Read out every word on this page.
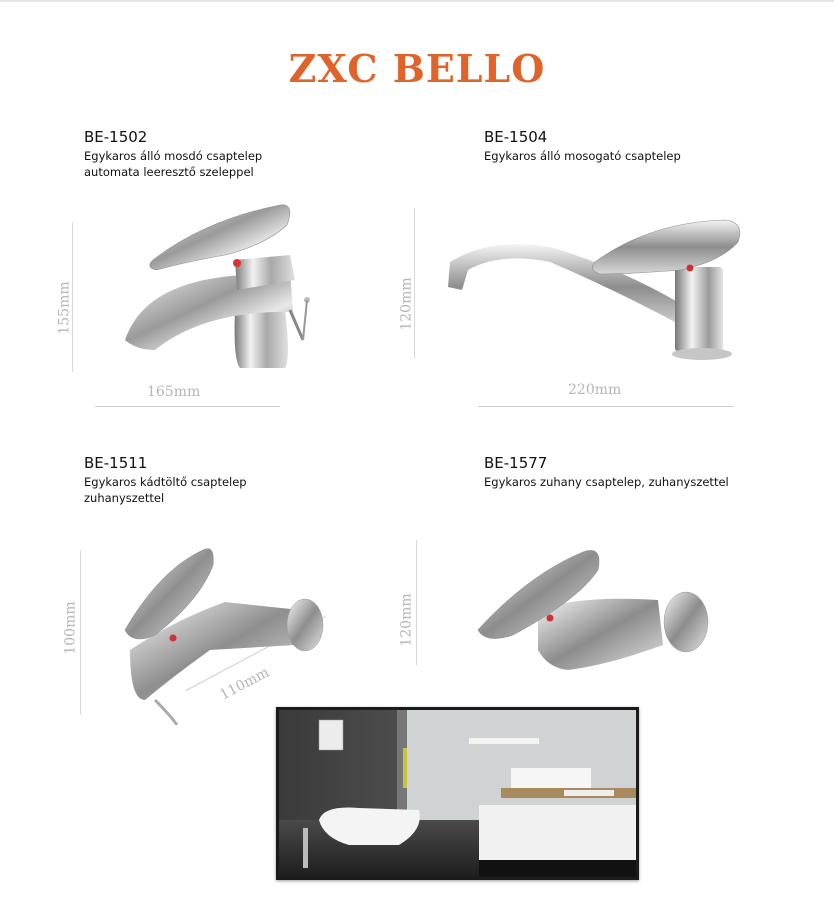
ZXC BELLO
BE-1502
Egykaros álló mosdó csaptelep
automata leeresztő szeleppel
155mm
165mm
BE-1504
Egykaros álló mosogató csaptelep
120mm
220mm
BE-1511
Egykaros kádtöltő csaptelep
zuhanyszettel
100mm
110mm
BE-1577
Egykaros zuhany csaptelep, zuhanyszettel
120mm
